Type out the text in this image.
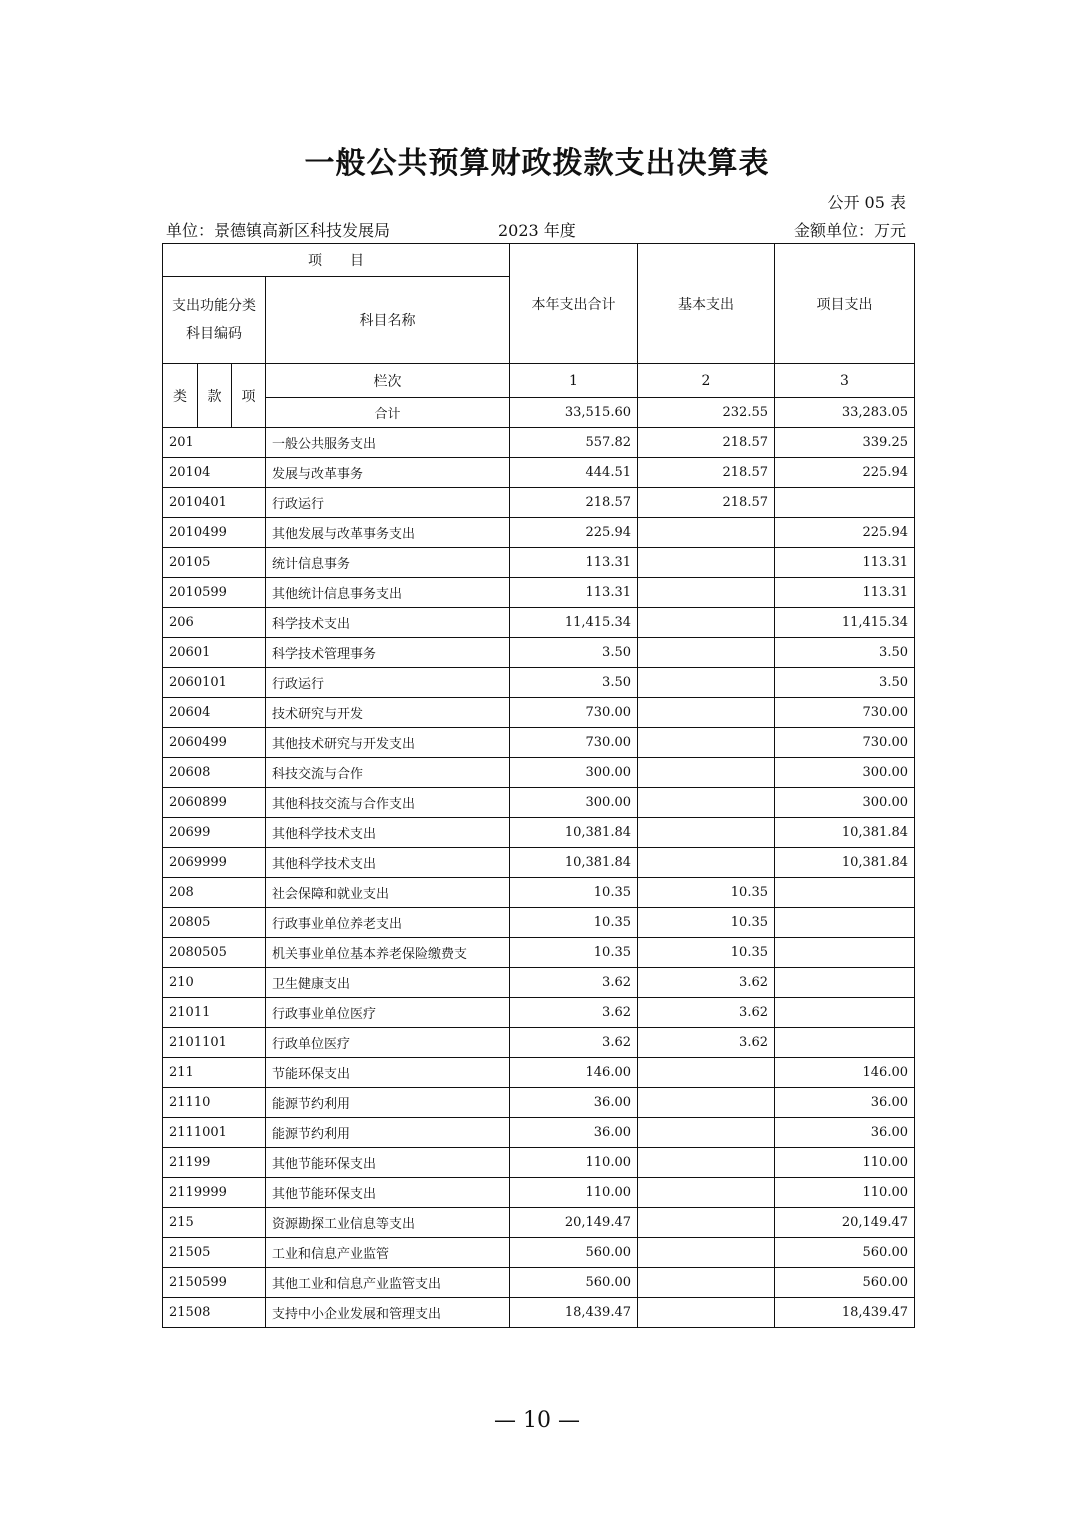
一般公共预算财政拨款支出决算表
公开 05 表
单位：景德镇高新区科技发展局	2023 年度	金额单位：万元
项　　目				本年支出合计	基本支出	项目支出

支出功能分类
科目编码			科目名称			
类	款	项	栏次	1	2	3
			合计	33,515.60	232.55	33,283.05
201			一般公共服务支出	557.82	218.57	339.25
20104			发展与改革事务	444.51	218.57	225.94
2010401			行政运行	218.57	218.57	
2010499			其他发展与改革事务支出	225.94		225.94
20105			统计信息事务	113.31		113.31
2010599			其他统计信息事务支出	113.31		113.31
206			科学技术支出	11,415.34		11,415.34
20601			科学技术管理事务	3.50		3.50
2060101			行政运行	3.50		3.50
20604			技术研究与开发	730.00		730.00
2060499			其他技术研究与开发支出	730.00		730.00
20608			科技交流与合作	300.00		300.00
2060899			其他科技交流与合作支出	300.00		300.00
20699			其他科学技术支出	10,381.84		10,381.84
2069999			其他科学技术支出	10,381.84		10,381.84
208			社会保障和就业支出	10.35	10.35	
20805			行政事业单位养老支出	10.35	10.35	
2080505			机关事业单位基本养老保险缴费支	10.35	10.35	
210			卫生健康支出	3.62	3.62	
21011			行政事业单位医疗	3.62	3.62	
2101101			行政单位医疗	3.62	3.62	
211			节能环保支出	146.00		146.00
21110			能源节约利用	36.00		36.00
2111001			能源节约利用	36.00		36.00
21199			其他节能环保支出	110.00		110.00
2119999			其他节能环保支出	110.00		110.00
215			资源勘探工业信息等支出	20,149.47		20,149.47
21505			工业和信息产业监管	560.00		560.00
2150599			其他工业和信息产业监管支出	560.00		560.00
21508			支持中小企业发展和管理支出	18,439.47		18,439.47
— 10 —
